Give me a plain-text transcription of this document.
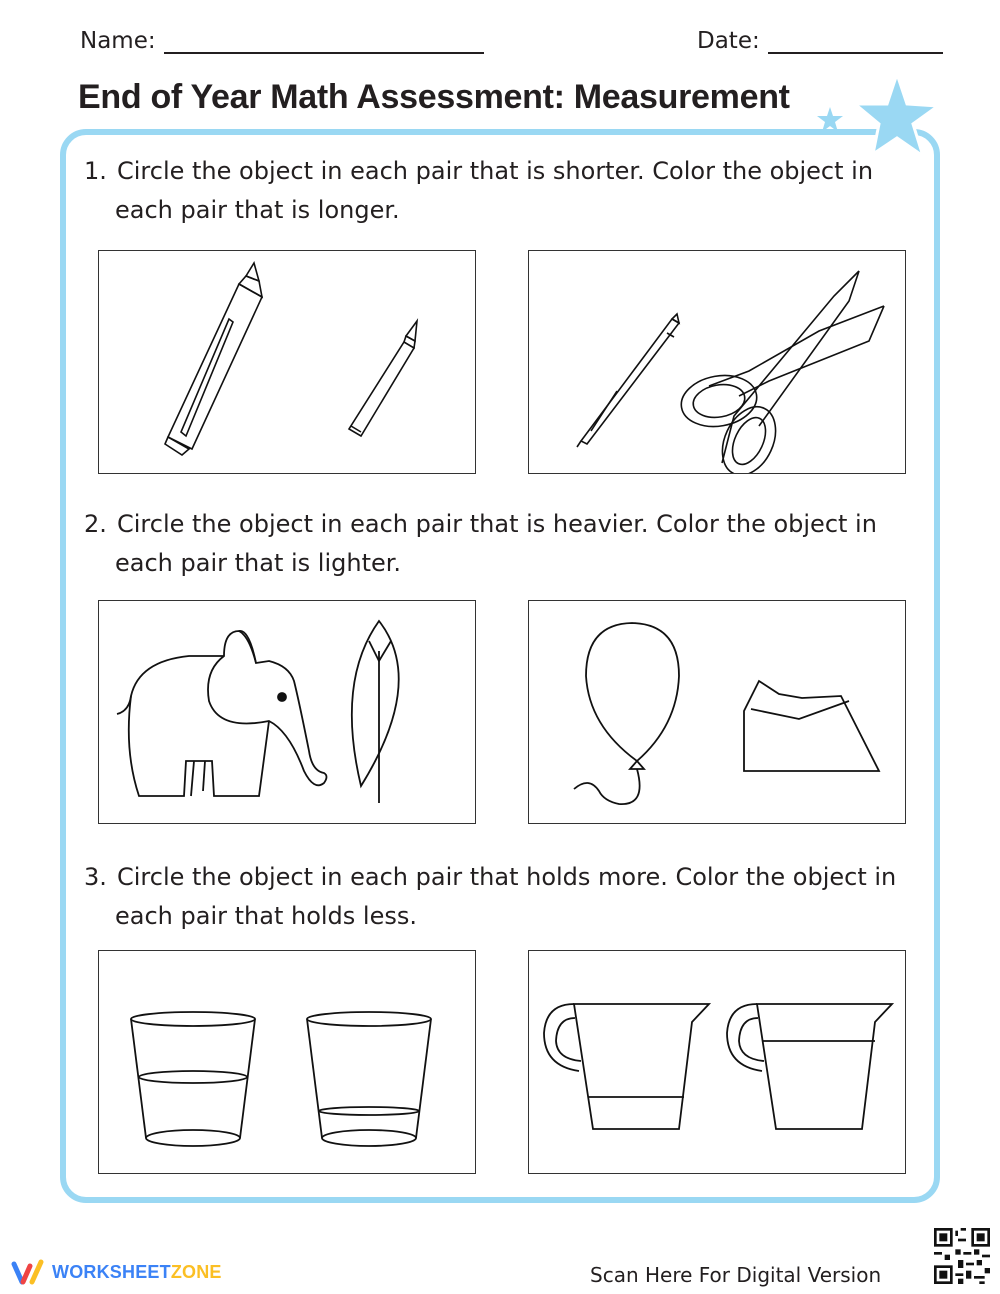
Name:	Date:
End of Year Math Assessment: Measurement
1. Circle the object in each pair that is shorter. Color the object in
each pair that is longer.
2. Circle the object in each pair that is heavier. Color the object in
each pair that is lighter.
3. Circle the object in each pair that holds more. Color the object in
each pair that holds less.
WORKSHEETZONE	Scan Here For Digital Version
